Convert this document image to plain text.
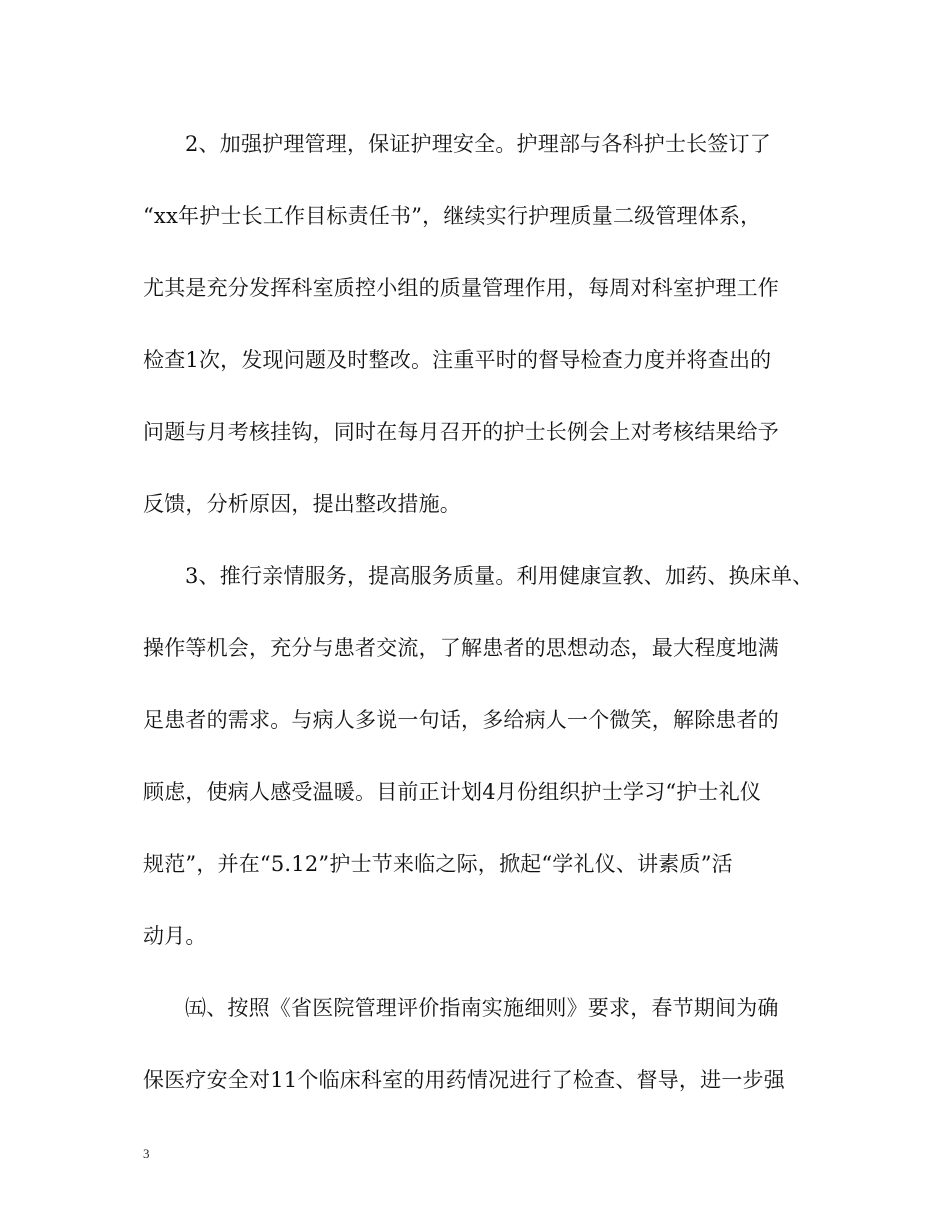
2、加强护理管理，保证护理安全。护理部与各科护士长签订了
“xx年护士长工作目标责任书”，继续实行护理质量二级管理体系，
尤其是充分发挥科室质控小组的质量管理作用，每周对科室护理工作
检查1次，发现问题及时整改。注重平时的督导检查力度并将查出的
问题与月考核挂钩，同时在每月召开的护士长例会上对考核结果给予
反馈，分析原因，提出整改措施。
3、推行亲情服务，提高服务质量。利用健康宣教、加药、换床单、
操作等机会，充分与患者交流，了解患者的思想动态，最大程度地满
足患者的需求。与病人多说一句话，多给病人一个微笑，解除患者的
顾虑，使病人感受温暖。目前正计划4月份组织护士学习“护士礼仪
规范”，并在“5.12”护士节来临之际，掀起“学礼仪、讲素质”活
动月。
㈤、按照《省医院管理评价指南实施细则》要求，春节期间为确
保医疗安全对11个临床科室的用药情况进行了检查、督导，进一步强
3
